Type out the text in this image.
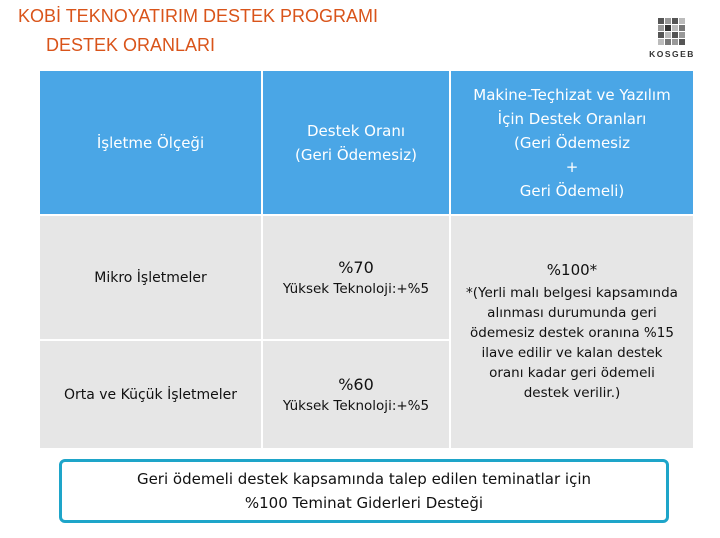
KOBİ TEKNOYATIRIM DESTEK PROGRAMI
DESTEK ORANLARI	KOSGEB
İşletme Ölçeği
Destek Oranı
(Geri Ödemesiz)
Makine-Teçhizat ve Yazılım
İçin Destek Oranları
(Geri Ödemesiz
+
Geri Ödemeli)
Mikro İşletmeler
%70
Yüksek Teknoloji:+%5
Orta ve Küçük İşletmeler
%60
Yüksek Teknoloji:+%5
%100*
*(Yerli malı belgesi kapsamında
alınması durumunda geri
ödemesiz destek oranına %15
ilave edilir ve kalan destek
oranı kadar geri ödemeli
destek verilir.)
Geri ödemeli destek kapsamında talep edilen teminatlar için
%100 Teminat Giderleri Desteği
